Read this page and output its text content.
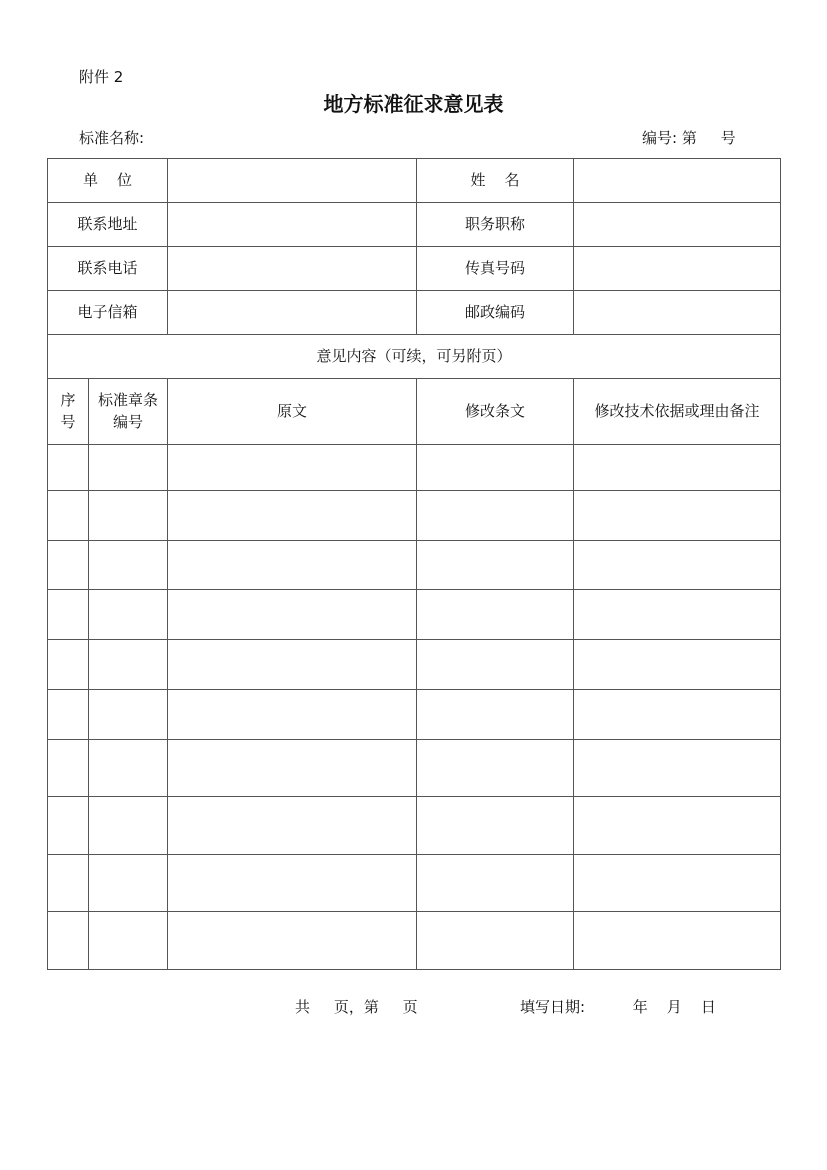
附件 2
地方标准征求意见表
标准名称:	编号: 第     号
单    位			姓    名	
联系地址			职务职称	
联系电话			传真号码	
电子信箱			邮政编码	
意见内容（可续，可另附页）				
序号	标准章条编号	原文	修改条文	修改技术依据或理由备注

共     页，第     页	填写日期:          年    月    日
